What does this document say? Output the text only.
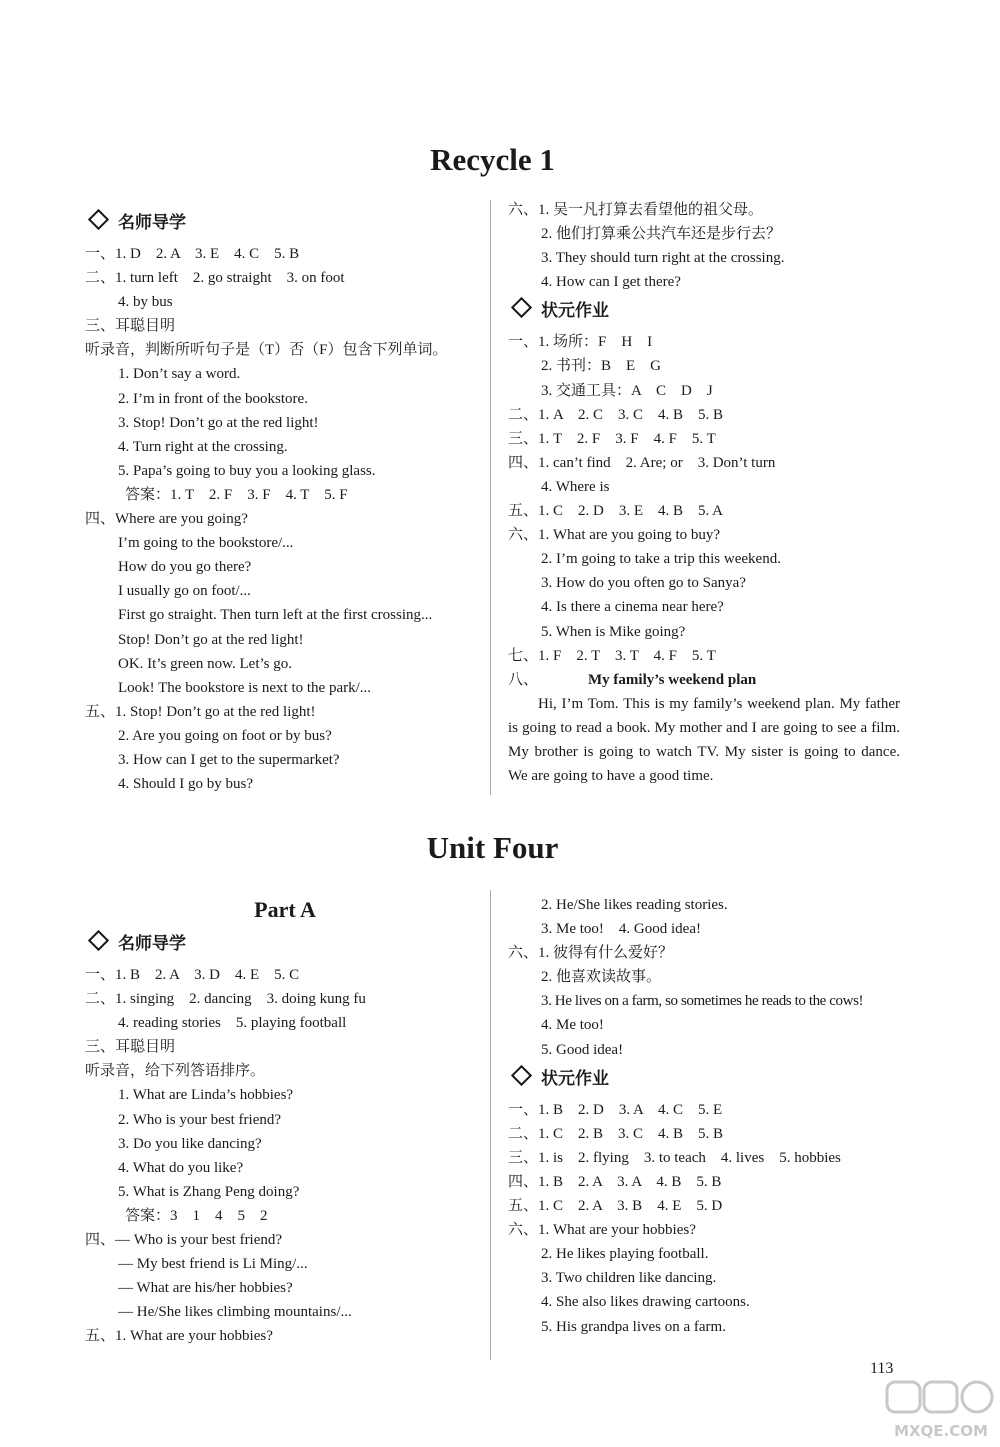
Recycle 1
名师导学
一、1. D　2. A　3. E　4. C　5. B
二、1. turn left　2. go straight　3. on foot
4. by bus
三、耳聪目明
听录音，判断所听句子是（T）否（F）包含下列单词。
1. Don’t say a word.
2. I’m in front of the bookstore.
3. Stop! Don’t go at the red light!
4. Turn right at the crossing.
5. Papa’s going to buy you a looking glass.
答案：1. T　2. F　3. F　4. T　5. F
四、Where are you going?
I’m going to the bookstore/...
How do you go there?
I usually go on foot/...
First go straight. Then turn left at the first crossing...
Stop! Don’t go at the red light!
OK. It’s green now. Let’s go.
Look! The bookstore is next to the park/...
五、1. Stop! Don’t go at the red light!
2. Are you going on foot or by bus?
3. How can I get to the supermarket?
4. Should I go by bus?
六、1. 吴一凡打算去看望他的祖父母。
2. 他们打算乘公共汽车还是步行去？
3. They should turn right at the crossing.
4. How can I get there?
状元作业
一、1. 场所：F　H　I
2. 书刊：B　E　G
3. 交通工具：A　C　D　J
二、1. A　2. C　3. C　4. B　5. B
三、1. T　2. F　3. F　4. F　5. T
四、1. can’t find　2. Are; or　3. Don’t turn
4. Where is
五、1. C　2. D　3. E　4. B　5. A
六、1. What are you going to buy?
2. I’m going to take a trip this weekend.
3. How do you often go to Sanya?
4. Is there a cinema near here?
5. When is Mike going?
七、1. F　2. T　3. T　4. F　5. T
八、	My family’s weekend plan
Hi, I’m Tom. This is my family’s weekend plan. My father is going to read a book. My mother and I are going to see a film. My brother is going to watch TV. My sister is going to dance. We are going to have a good time.
Unit Four
Part A
名师导学
一、1. B　2. A　3. D　4. E　5. C
二、1. singing　2. dancing　3. doing kung fu
4. reading stories　5. playing football
三、耳聪目明
听录音，给下列答语排序。
1. What are Linda’s hobbies?
2. Who is your best friend?
3. Do you like dancing?
4. What do you like?
5. What is Zhang Peng doing?
答案：3　1　4　5　2
四、— Who is your best friend?
— My best friend is Li Ming/...
— What are his/her hobbies?
— He/She likes climbing mountains/...
五、1. What are your hobbies?
2. He/She likes reading stories.
3. Me too!　4. Good idea!
六、1. 彼得有什么爱好？
2. 他喜欢读故事。
3. He lives on a farm, so sometimes he reads to the cows!
4. Me too!
5. Good idea!
状元作业
一、1. B　2. D　3. A　4. C　5. E
二、1. C　2. B　3. C　4. B　5. B
三、1. is　2. flying　3. to teach　4. lives　5. hobbies
四、1. B　2. A　3. A　4. B　5. B
五、1. C　2. A　3. B　4. E　5. D
六、1. What are your hobbies?
2. He likes playing football.
3. Two children like dancing.
4. She also likes drawing cartoons.
5. His grandpa lives on a farm.
113
MXQE.COM
